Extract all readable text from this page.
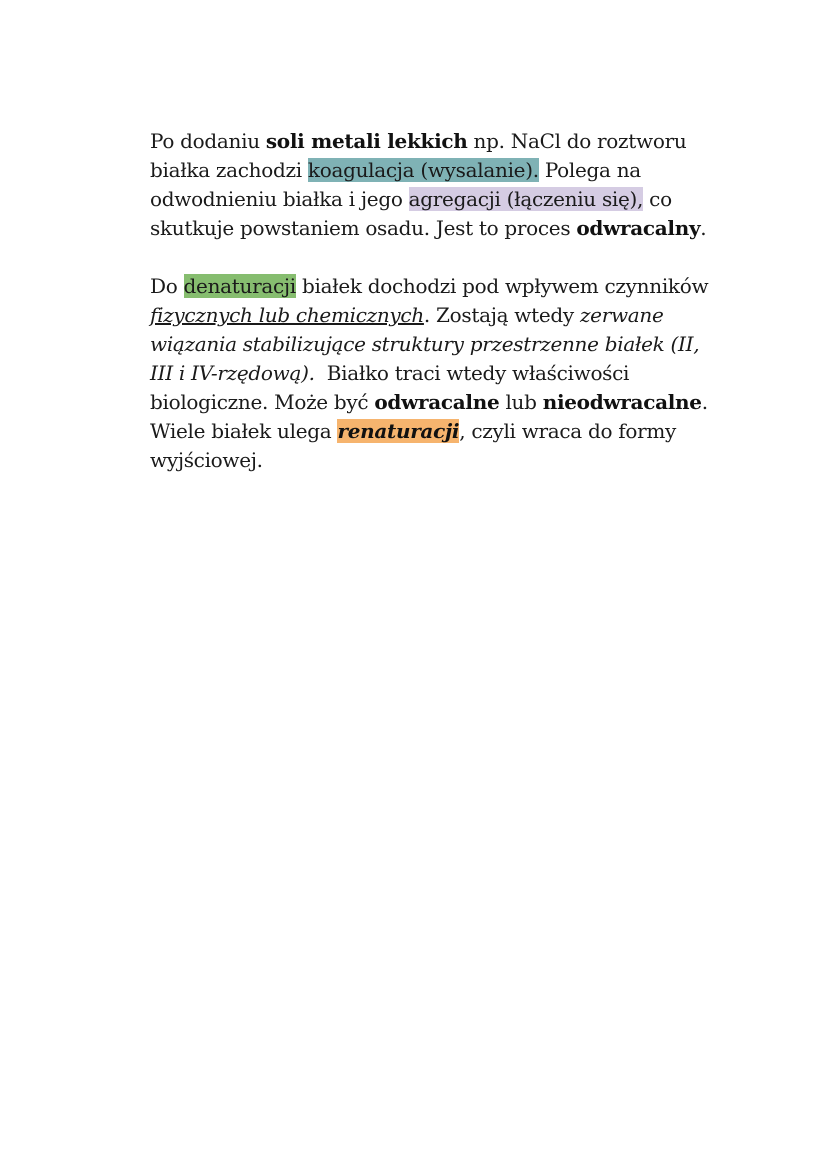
Po dodaniu soli metali lekkich np. NaCl do roztworu
białka zachodzi koagulacja (wysalanie). Polega na
odwodnieniu białka i jego agregacji (łączeniu się), co
skutkuje powstaniem osadu. Jest to proces odwracalny.

Do denaturacji białek dochodzi pod wpływem czynników
fizycznych lub chemicznych. Zostają wtedy zerwane
wiązania stabilizujące struktury przestrzenne białek (II,
III i IV-rzędową).  Białko traci wtedy właściwości
biologiczne. Może być odwracalne lub nieodwracalne.
Wiele białek ulega renaturacji, czyli wraca do formy
wyjściowej.
